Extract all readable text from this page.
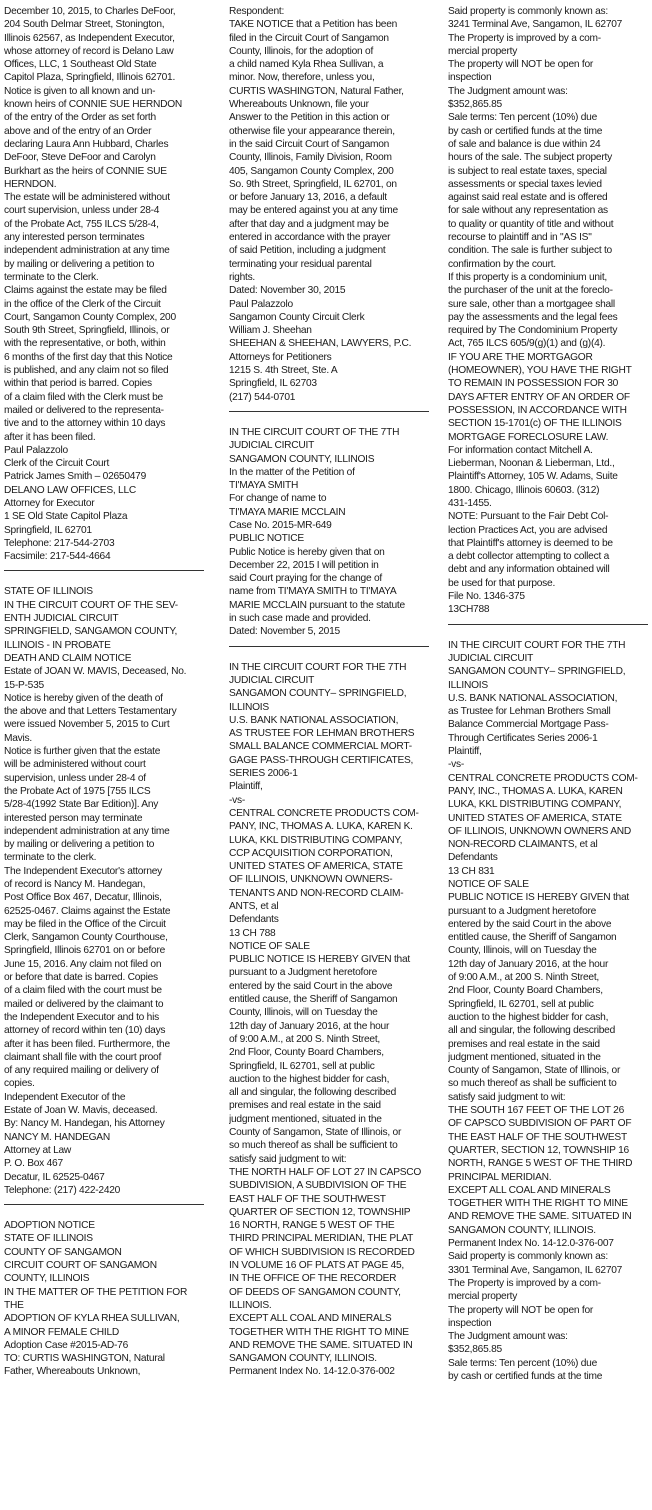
December 10, 2015, to Charles DeFoor,
204 South Delmar Street, Stonington,
Illinois 62567, as Independent Executor,
whose attorney of record is Delano Law
Offices, LLC, 1 Southeast Old State
Capitol Plaza, Springfield, Illinois 62701.
Notice is given to all known and un-
known heirs of CONNIE SUE HERNDON
of the entry of the Order as set forth
above and of the entry of an Order
declaring Laura Ann Hubbard, Charles
DeFoor, Steve DeFoor and Carolyn
Burkhart as the heirs of CONNIE SUE
HERNDON.
The estate will be administered without
court supervision, unless under 28-4
of the Probate Act, 755 ILCS 5/28-4,
any interested person terminates
independent administration at any time
by mailing or delivering a petition to
terminate to the Clerk.
Claims against the estate may be filed
in the office of the Clerk of the Circuit
Court, Sangamon County Complex, 200
South 9th Street, Springfield, Illinois, or
with the representative, or both, within
6 months of the first day that this Notice
is published, and any claim not so filed
within that period is barred. Copies
of a claim filed with the Clerk must be
mailed or delivered to the representa-
tive and to the attorney within 10 days
after it has been filed.
Paul Palazzolo
Clerk of the Circuit Court
Patrick James Smith – 02650479
DELANO LAW OFFICES, LLC
Attorney for Executor
1 SE Old State Capitol Plaza
Springfield, IL 62701
Telephone: 217-544-2703
Facsimile: 217-544-4664
STATE OF ILLINOIS
IN THE CIRCUIT COURT OF THE SEV-
ENTH JUDICIAL CIRCUIT
SPRINGFIELD, SANGAMON COUNTY,
ILLINOIS - IN PROBATE
DEATH AND CLAIM NOTICE
Estate of JOAN W. MAVIS, Deceased, No.
15-P-535
Notice is hereby given of the death of
the above and that Letters Testamentary
were issued November 5, 2015 to Curt
Mavis.
Notice is further given that the estate
will be administered without court
supervision, unless under 28-4 of
the Probate Act of 1975 [755 ILCS
5/28-4(1992 State Bar Edition)]. Any
interested person may terminate
independent administration at any time
by mailing or delivering a petition to
terminate to the clerk.
The Independent Executor's attorney
of record is Nancy M. Handegan,
Post Office Box 467, Decatur, Illinois,
62525-0467. Claims against the Estate
may be filed in the Office of the Circuit
Clerk, Sangamon County Courthouse,
Springfield, Illinois 62701 on or before
June 15, 2016. Any claim not filed on
or before that date is barred. Copies
of a claim filed with the court must be
mailed or delivered by the claimant to
the Independent Executor and to his
attorney of record within ten (10) days
after it has been filed. Furthermore, the
claimant shall file with the court proof
of any required mailing or delivery of
copies.
Independent Executor of the
Estate of Joan W. Mavis, deceased.
By: Nancy M. Handegan, his Attorney
NANCY M. HANDEGAN
Attorney at Law
P. O. Box 467
Decatur, IL 62525-0467
Telephone: (217) 422-2420
ADOPTION NOTICE
STATE OF ILLINOIS
COUNTY OF SANGAMON
CIRCUIT COURT OF SANGAMON
COUNTY, ILLINOIS
IN THE MATTER OF THE PETITION FOR
THE
ADOPTION OF KYLA RHEA SULLIVAN,
A MINOR FEMALE CHILD
Adoption Case #2015-AD-76
TO: CURTIS WASHINGTON, Natural
Father, Whereabouts Unknown,
Respondent:
TAKE NOTICE that a Petition has been
filed in the Circuit Court of Sangamon
County, Illinois, for the adoption of
a child named Kyla Rhea Sullivan, a
minor. Now, therefore, unless you,
CURTIS WASHINGTON, Natural Father,
Whereabouts Unknown, file your
Answer to the Petition in this action or
otherwise file your appearance therein,
in the said Circuit Court of Sangamon
County, Illinois, Family Division, Room
405, Sangamon County Complex, 200
So. 9th Street, Springfield, IL 62701, on
or before January 13, 2016, a default
may be entered against you at any time
after that day and a judgment may be
entered in accordance with the prayer
of said Petition, including a judgment
terminating your residual parental
rights.
Dated: November 30, 2015
Paul Palazzolo
Sangamon County Circuit Clerk
William J. Sheehan
SHEEHAN & SHEEHAN, LAWYERS, P.C.
Attorneys for Petitioners
1215 S. 4th Street, Ste. A
Springfield, IL 62703
(217) 544-0701
IN THE CIRCUIT COURT OF THE 7TH
JUDICIAL CIRCUIT
SANGAMON COUNTY, ILLINOIS
In the matter of the Petition of
TI'MAYA SMITH
For change of name to
TI'MAYA MARIE MCCLAIN
Case No. 2015-MR-649
PUBLIC NOTICE
Public Notice is hereby given that on
December 22, 2015 I will petition in
said Court praying for the change of
name from TI'MAYA SMITH to TI'MAYA
MARIE MCCLAIN pursuant to the statute
in such case made and provided.
Dated: November 5, 2015
IN THE CIRCUIT COURT FOR THE 7TH
JUDICIAL CIRCUIT
SANGAMON COUNTY– SPRINGFIELD,
ILLINOIS
U.S. BANK NATIONAL ASSOCIATION,
AS TRUSTEE FOR LEHMAN BROTHERS
SMALL BALANCE COMMERCIAL MORT-
GAGE PASS-THROUGH CERTIFICATES,
SERIES 2006-1
Plaintiff,
-vs-
CENTRAL CONCRETE PRODUCTS COM-
PANY, INC, THOMAS A. LUKA, KAREN K.
LUKA, KKL DISTRIBUTING COMPANY,
CCP ACQUISITION CORPORATION,
UNITED STATES OF AMERICA, STATE
OF ILLINOIS, UNKNOWN OWNERS-
TENANTS AND NON-RECORD CLAIM-
ANTS, et al
Defendants
13 CH 788
NOTICE OF SALE
PUBLIC NOTICE IS HEREBY GIVEN that
pursuant to a Judgment heretofore
entered by the said Court in the above
entitled cause, the Sheriff of Sangamon
County, Illinois, will on Tuesday the
12th day of January 2016, at the hour
of 9:00 A.M., at 200 S. Ninth Street,
2nd Floor, County Board Chambers,
Springfield, IL 62701, sell at public
auction to the highest bidder for cash,
all and singular, the following described
premises and real estate in the said
judgment mentioned, situated in the
County of Sangamon, State of Illinois, or
so much thereof as shall be sufficient to
satisfy said judgment to wit:
THE NORTH HALF OF LOT 27 IN CAPSCO
SUBDIVISION, A SUBDIVISION OF THE
EAST HALF OF THE SOUTHWEST
QUARTER OF SECTION 12, TOWNSHIP
16 NORTH, RANGE 5 WEST OF THE
THIRD PRINCIPAL MERIDIAN, THE PLAT
OF WHICH SUBDIVISION IS RECORDED
IN VOLUME 16 OF PLATS AT PAGE 45,
IN THE OFFICE OF THE RECORDER
OF DEEDS OF SANGAMON COUNTY,
ILLINOIS.
EXCEPT ALL COAL AND MINERALS
TOGETHER WITH THE RIGHT TO MINE
AND REMOVE THE SAME. SITUATED IN
SANGAMON COUNTY, ILLINOIS.
Permanent Index No. 14-12.0-376-002
Said property is commonly known as:
3241 Terminal Ave, Sangamon, IL 62707
The Property is improved by a com-
mercial property
The property will NOT be open for
inspection
The Judgment amount was:
$352,865.85
Sale terms: Ten percent (10%) due
by cash or certified funds at the time
of sale and balance is due within 24
hours of the sale. The subject property
is subject to real estate taxes, special
assessments or special taxes levied
against said real estate and is offered
for sale without any representation as
to quality or quantity of title and without
recourse to plaintiff and in "AS IS"
condition. The sale is further subject to
confirmation by the court.
If this property is a condominium unit,
the purchaser of the unit at the foreclo-
sure sale, other than a mortgagee shall
pay the assessments and the legal fees
required by The Condominium Property
Act, 765 ILCS 605/9(g)(1) and (g)(4).
IF YOU ARE THE MORTGAGOR
(HOMEOWNER), YOU HAVE THE RIGHT
TO REMAIN IN POSSESSION FOR 30
DAYS AFTER ENTRY OF AN ORDER OF
POSSESSION, IN ACCORDANCE WITH
SECTION 15-1701(c) OF THE ILLINOIS
MORTGAGE FORECLOSURE LAW.
For information contact Mitchell A.
Lieberman, Noonan & Lieberman, Ltd.,
Plaintiff's Attorney, 105 W. Adams, Suite
1800. Chicago, Illinois 60603. (312)
431-1455.
NOTE: Pursuant to the Fair Debt Col-
lection Practices Act, you are advised
that Plaintiff's attorney is deemed to be
a debt collector attempting to collect a
debt and any information obtained will
be used for that purpose.
File No. 1346-375
13CH788
IN THE CIRCUIT COURT FOR THE 7TH
JUDICIAL CIRCUIT
SANGAMON COUNTY– SPRINGFIELD,
ILLINOIS
U.S. BANK NATIONAL ASSOCIATION,
as Trustee for Lehman Brothers Small
Balance Commercial Mortgage Pass-
Through Certificates Series 2006-1
Plaintiff,
-vs-
CENTRAL CONCRETE PRODUCTS COM-
PANY, INC., THOMAS A. LUKA, KAREN
LUKA, KKL DISTRIBUTING COMPANY,
UNITED STATES OF AMERICA, STATE
OF ILLINOIS, UNKNOWN OWNERS AND
NON-RECORD CLAIMANTS, et al
Defendants
13 CH 831
NOTICE OF SALE
PUBLIC NOTICE IS HEREBY GIVEN that
pursuant to a Judgment heretofore
entered by the said Court in the above
entitled cause, the Sheriff of Sangamon
County, Illinois, will on Tuesday the
12th day of January 2016, at the hour
of 9:00 A.M., at 200 S. Ninth Street,
2nd Floor, County Board Chambers,
Springfield, IL 62701, sell at public
auction to the highest bidder for cash,
all and singular, the following described
premises and real estate in the said
judgment mentioned, situated in the
County of Sangamon, State of Illinois, or
so much thereof as shall be sufficient to
satisfy said judgment to wit:
THE SOUTH 167 FEET OF THE LOT 26
OF CAPSCO SUBDIVISION OF PART OF
THE EAST HALF OF THE SOUTHWEST
QUARTER, SECTION 12, TOWNSHIP 16
NORTH, RANGE 5 WEST OF THE THIRD
PRINCIPAL MERIDIAN.
EXCEPT ALL COAL AND MINERALS
TOGETHER WITH THE RIGHT TO MINE
AND REMOVE THE SAME. SITUATED IN
SANGAMON COUNTY, ILLINOIS.
Permanent Index No. 14-12.0-376-007
Said property is commonly known as:
3301 Terminal Ave, Sangamon, IL 62707
The Property is improved by a com-
mercial property
The property will NOT be open for
inspection
The Judgment amount was:
$352,865.85
Sale terms: Ten percent (10%) due
by cash or certified funds at the time
